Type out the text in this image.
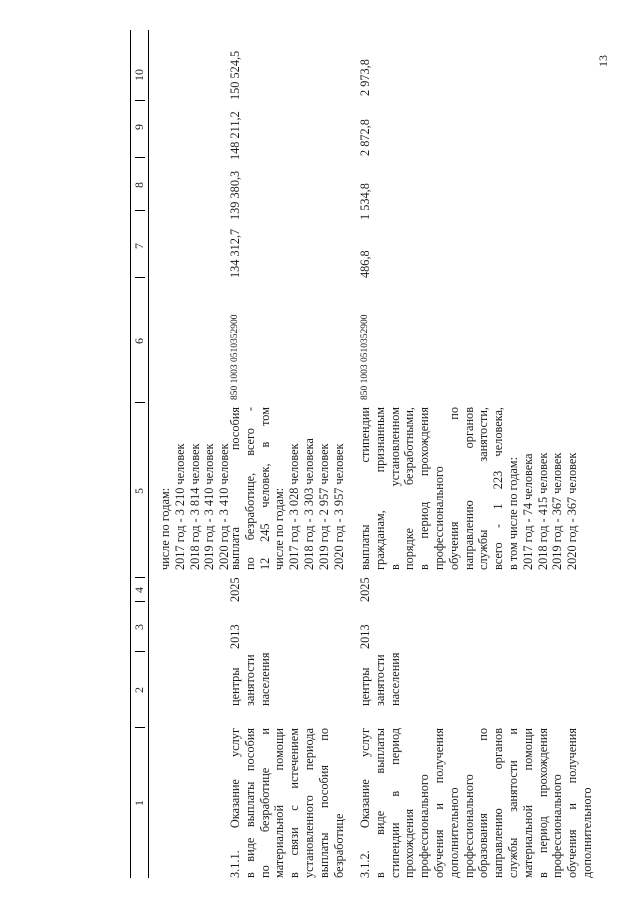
13
1
2
3
4
5
6
7
8
9
10
числе по годам: 2017 год - 3 210 человек 2018 год - 3 814 человек 2019 год - 3 410 человек 2020 год - 3 410 человек
3.1.1. Оказание услуг в виде выплаты пособия по безработице и материальной помощи в связи с истечением установленного периода выплаты пособия по безработице
центры занятости населения
2013
2025
выплата пособия по безработице, всего - 12 245 человек, в том числе по годам: 2017 год - 3 028 человек 2018 год - 3 303 человека 2019 год - 2 957 человек 2020 год - 3 957 человек
850 1003 0510352900
134 312,7
139 380,3
148 211,2
150 524,5
3.1.2. Оказание услуг в виде выплаты стипендии в период прохождения профессионального обучения и получения дополнительного профессионального образования по направлению органов службы занятости и материальной помощи в период прохождения профессионального обучения и получения дополнительного
центры занятости населения
2013
2025
выплаты стипендии гражданам, признанным в установленном порядке безработными, в период прохождения профессионального обучения по направлению органов службы занятости, всего - 1 223 человека, в том числе по годам: 2017 год - 74 человека 2018 год - 415 человек 2019 год - 367 человек 2020 год - 367 человек
850 1003 0510352900
486,8
1 534,8
2 872,8
2 973,8
